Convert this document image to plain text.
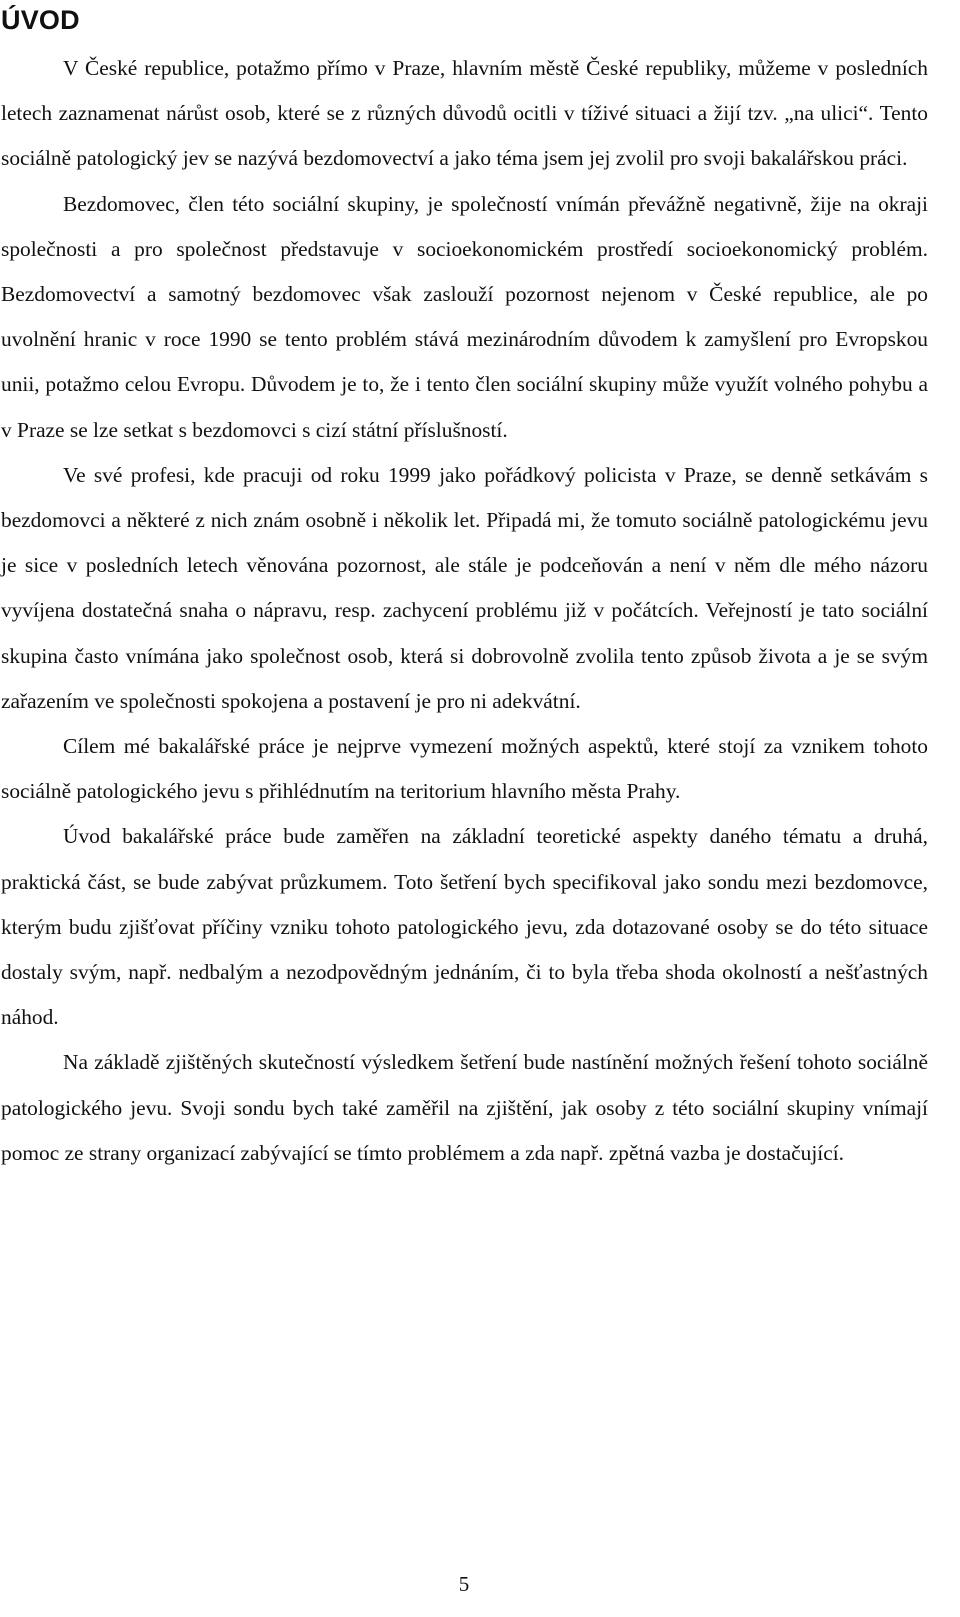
ÚVOD

V České republice, potažmo přímo v Praze, hlavním městě České republiky, můžeme v posledních letech zaznamenat nárůst osob, které se z různých důvodů ocitli v tíživé situaci a žijí tzv. „na ulici“. Tento sociálně patologický jev se nazývá bezdomovectví a jako téma jsem jej zvolil pro svoji bakalářskou práci.

Bezdomovec, člen této sociální skupiny, je společností vnímán převážně negativně, žije na okraji společnosti a pro společnost představuje v socioekonomickém prostředí socioekonomický problém. Bezdomovectví a samotný bezdomovec však zaslouží pozornost nejenom v České republice, ale po uvolnění hranic v roce 1990 se tento problém stává mezinárodním důvodem k zamyšlení pro Evropskou unii, potažmo celou Evropu. Důvodem je to, že i tento člen sociální skupiny může využít volného pohybu a v Praze se lze setkat s bezdomovci s cizí státní příslušností.

Ve své profesi, kde pracuji od roku 1999 jako pořádkový policista v Praze, se denně setkávám s bezdomovci a některé z nich znám osobně i několik let. Připadá mi, že tomuto sociálně patologickému jevu je sice v posledních letech věnována pozornost, ale stále je podceňován a není v něm dle mého názoru vyvíjena dostatečná snaha o nápravu, resp. zachycení problému již v počátcích. Veřejností je tato sociální skupina často vnímána jako společnost osob, která si dobrovolně zvolila tento způsob života a je se svým zařazením ve společnosti spokojena a postavení je pro ni adekvátní.

Cílem mé bakalářské práce je nejprve vymezení možných aspektů, které stojí za vznikem tohoto sociálně patologického jevu s přihlédnutím na teritorium hlavního města Prahy.

Úvod bakalářské práce bude zaměřen na základní teoretické aspekty daného tématu a druhá, praktická část, se bude zabývat průzkumem. Toto šetření bych specifikoval jako sondu mezi bezdomovce, kterým budu zjišťovat příčiny vzniku tohoto patologického jevu, zda dotazované osoby se do této situace dostaly svým, např. nedbalým a nezodpovědným jednáním, či to byla třeba shoda okolností a nešťastných náhod.

Na základě zjištěných skutečností výsledkem šetření bude nastínění možných řešení tohoto sociálně patologického jevu. Svoji sondu bych také zaměřil na zjištění, jak osoby z této sociální skupiny vnímají pomoc ze strany organizací zabývající se tímto problémem a zda např. zpětná vazba je dostačující.

5
